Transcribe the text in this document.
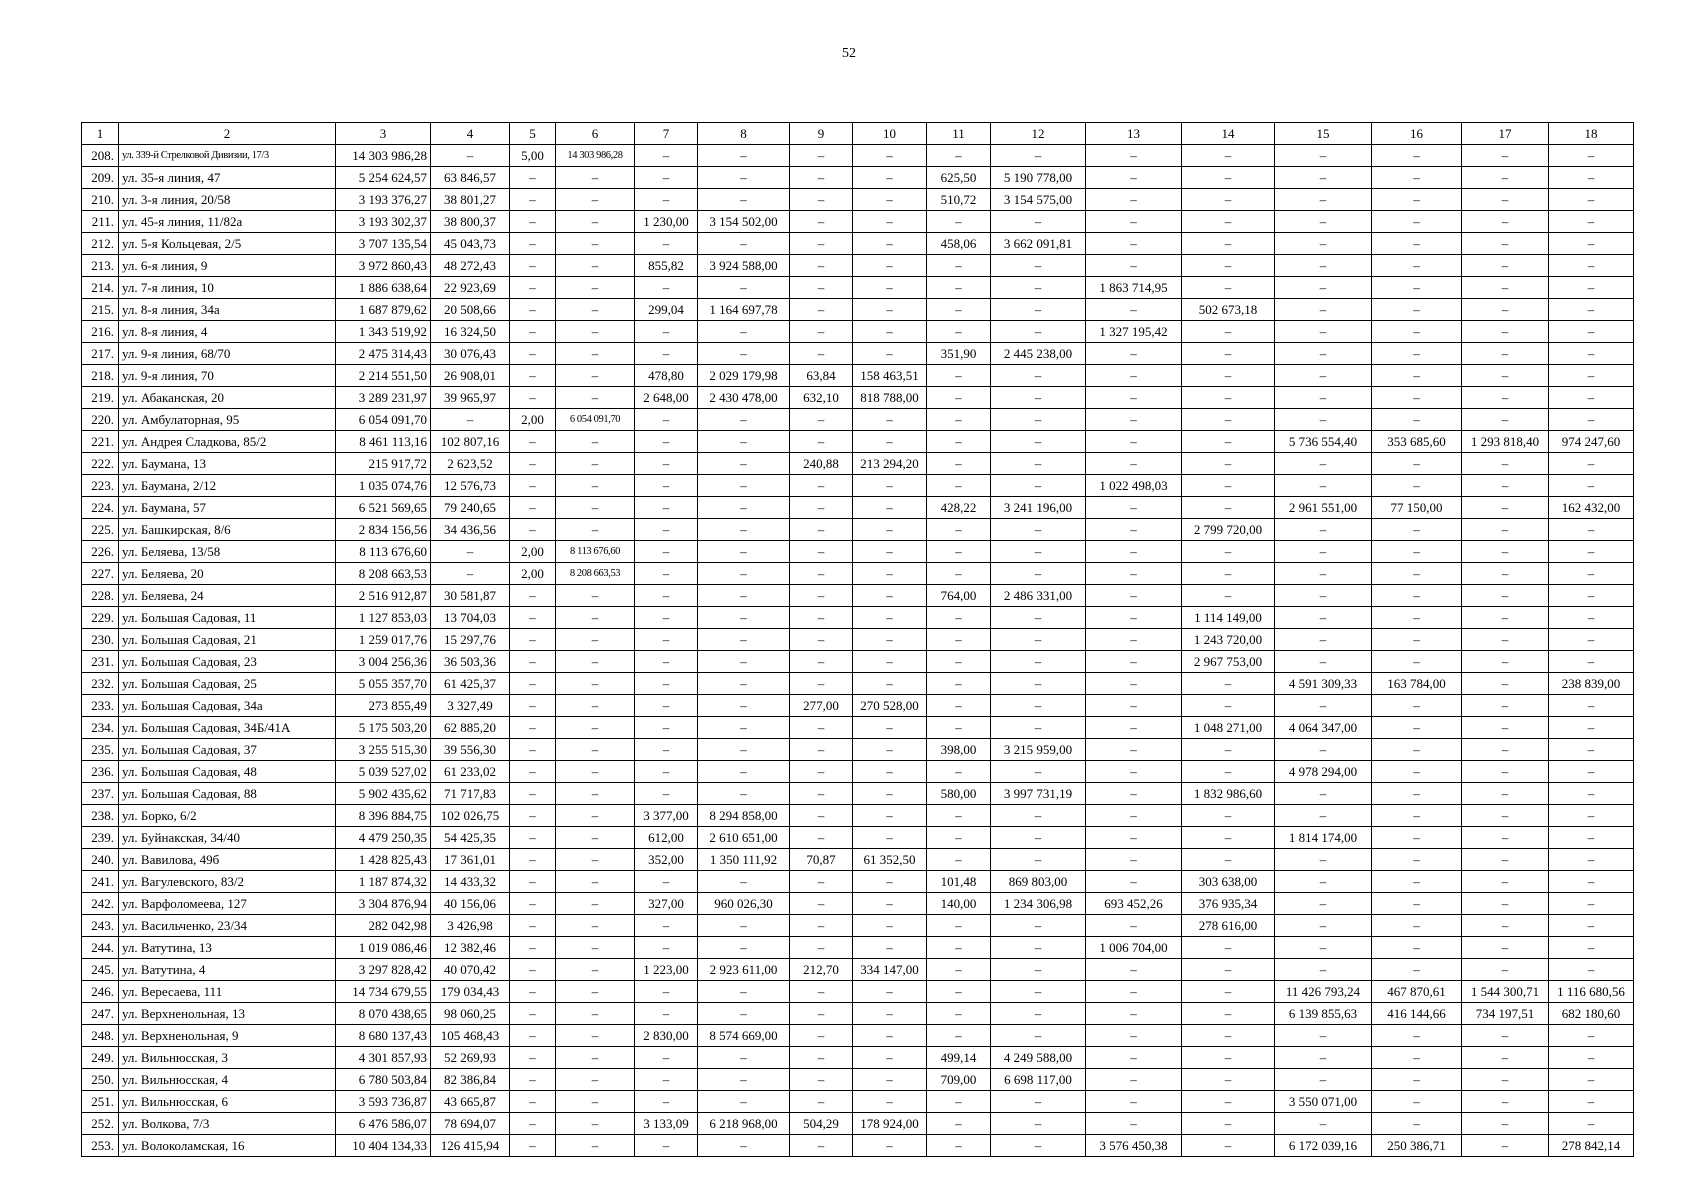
52
1	2	3	4	5	6	7	8	9	10	11	12	13	14	15	16	17	18
208.	ул. 339-й Стрелковой Дивизии, 17/3	14 303 986,28	–	5,00	14 303 986,28	–	–	–	–	–	–	–	–	–	–	–	–
209.	ул. 35-я линия, 47	5 254 624,57	63 846,57	–	–	–	–	–	–	625,50	5 190 778,00	–	–	–	–	–	–
210.	ул. 3-я линия, 20/58	3 193 376,27	38 801,27	–	–	–	–	–	–	510,72	3 154 575,00	–	–	–	–	–	–
211.	ул. 45-я линия, 11/82а	3 193 302,37	38 800,37	–	–	1 230,00	3 154 502,00	–	–	–	–	–	–	–	–	–	–
212.	ул. 5-я Кольцевая, 2/5	3 707 135,54	45 043,73	–	–	–	–	–	–	458,06	3 662 091,81	–	–	–	–	–	–
213.	ул. 6-я линия, 9	3 972 860,43	48 272,43	–	–	855,82	3 924 588,00	–	–	–	–	–	–	–	–	–	–
214.	ул. 7-я линия, 10	1 886 638,64	22 923,69	–	–	–	–	–	–	–	–	1 863 714,95	–	–	–	–	–
215.	ул. 8-я линия, 34а	1 687 879,62	20 508,66	–	–	299,04	1 164 697,78	–	–	–	–	–	502 673,18	–	–	–	–
216.	ул. 8-я линия, 4	1 343 519,92	16 324,50	–	–	–	–	–	–	–	–	1 327 195,42	–	–	–	–	–
217.	ул. 9-я линия, 68/70	2 475 314,43	30 076,43	–	–	–	–	–	–	351,90	2 445 238,00	–	–	–	–	–	–
218.	ул. 9-я линия, 70	2 214 551,50	26 908,01	–	–	478,80	2 029 179,98	63,84	158 463,51	–	–	–	–	–	–	–	–
219.	ул. Абаканская, 20	3 289 231,97	39 965,97	–	–	2 648,00	2 430 478,00	632,10	818 788,00	–	–	–	–	–	–	–	–
220.	ул. Амбулаторная, 95	6 054 091,70	–	2,00	6 054 091,70	–	–	–	–	–	–	–	–	–	–	–	–
221.	ул. Андрея Сладкова, 85/2	8 461 113,16	102 807,16	–	–	–	–	–	–	–	–	–	–	5 736 554,40	353 685,60	1 293 818,40	974 247,60
222.	ул. Баумана, 13	215 917,72	2 623,52	–	–	–	–	240,88	213 294,20	–	–	–	–	–	–	–	–
223.	ул. Баумана, 2/12	1 035 074,76	12 576,73	–	–	–	–	–	–	–	–	1 022 498,03	–	–	–	–	–
224.	ул. Баумана, 57	6 521 569,65	79 240,65	–	–	–	–	–	–	428,22	3 241 196,00	–	–	2 961 551,00	77 150,00	–	162 432,00
225.	ул. Башкирская, 8/6	2 834 156,56	34 436,56	–	–	–	–	–	–	–	–	–	2 799 720,00	–	–	–	–
226.	ул. Беляева, 13/58	8 113 676,60	–	2,00	8 113 676,60	–	–	–	–	–	–	–	–	–	–	–	–
227.	ул. Беляева, 20	8 208 663,53	–	2,00	8 208 663,53	–	–	–	–	–	–	–	–	–	–	–	–
228.	ул. Беляева, 24	2 516 912,87	30 581,87	–	–	–	–	–	–	764,00	2 486 331,00	–	–	–	–	–	–
229.	ул. Большая Садовая, 11	1 127 853,03	13 704,03	–	–	–	–	–	–	–	–	–	1 114 149,00	–	–	–	–
230.	ул. Большая Садовая, 21	1 259 017,76	15 297,76	–	–	–	–	–	–	–	–	–	1 243 720,00	–	–	–	–
231.	ул. Большая Садовая, 23	3 004 256,36	36 503,36	–	–	–	–	–	–	–	–	–	2 967 753,00	–	–	–	–
232.	ул. Большая Садовая, 25	5 055 357,70	61 425,37	–	–	–	–	–	–	–	–	–	–	4 591 309,33	163 784,00	–	238 839,00
233.	ул. Большая Садовая, 34а	273 855,49	3 327,49	–	–	–	–	277,00	270 528,00	–	–	–	–	–	–	–	–
234.	ул. Большая Садовая, 34Б/41А	5 175 503,20	62 885,20	–	–	–	–	–	–	–	–	–	1 048 271,00	4 064 347,00	–	–	–
235.	ул. Большая Садовая, 37	3 255 515,30	39 556,30	–	–	–	–	–	–	398,00	3 215 959,00	–	–	–	–	–	–
236.	ул. Большая Садовая, 48	5 039 527,02	61 233,02	–	–	–	–	–	–	–	–	–	–	4 978 294,00	–	–	–
237.	ул. Большая Садовая, 88	5 902 435,62	71 717,83	–	–	–	–	–	–	580,00	3 997 731,19	–	1 832 986,60	–	–	–	–
238.	ул. Борко, 6/2	8 396 884,75	102 026,75	–	–	3 377,00	8 294 858,00	–	–	–	–	–	–	–	–	–	–
239.	ул. Буйнакская, 34/40	4 479 250,35	54 425,35	–	–	612,00	2 610 651,00	–	–	–	–	–	–	1 814 174,00	–	–	–
240.	ул. Вавилова, 49б	1 428 825,43	17 361,01	–	–	352,00	1 350 111,92	70,87	61 352,50	–	–	–	–	–	–	–	–
241.	ул. Вагулевского, 83/2	1 187 874,32	14 433,32	–	–	–	–	–	–	101,48	869 803,00	–	303 638,00	–	–	–	–
242.	ул. Варфоломеева, 127	3 304 876,94	40 156,06	–	–	327,00	960 026,30	–	–	140,00	1 234 306,98	693 452,26	376 935,34	–	–	–	–
243.	ул. Васильченко, 23/34	282 042,98	3 426,98	–	–	–	–	–	–	–	–	–	278 616,00	–	–	–	–
244.	ул. Ватутина, 13	1 019 086,46	12 382,46	–	–	–	–	–	–	–	–	1 006 704,00	–	–	–	–	–
245.	ул. Ватутина, 4	3 297 828,42	40 070,42	–	–	1 223,00	2 923 611,00	212,70	334 147,00	–	–	–	–	–	–	–	–
246.	ул. Вересаева, 111	14 734 679,55	179 034,43	–	–	–	–	–	–	–	–	–	–	11 426 793,24	467 870,61	1 544 300,71	1 116 680,56
247.	ул. Верхненольная, 13	8 070 438,65	98 060,25	–	–	–	–	–	–	–	–	–	–	6 139 855,63	416 144,66	734 197,51	682 180,60
248.	ул. Верхненольная, 9	8 680 137,43	105 468,43	–	–	2 830,00	8 574 669,00	–	–	–	–	–	–	–	–	–	–
249.	ул. Вильнюсская, 3	4 301 857,93	52 269,93	–	–	–	–	–	–	499,14	4 249 588,00	–	–	–	–	–	–
250.	ул. Вильнюсская, 4	6 780 503,84	82 386,84	–	–	–	–	–	–	709,00	6 698 117,00	–	–	–	–	–	–
251.	ул. Вильнюсская, 6	3 593 736,87	43 665,87	–	–	–	–	–	–	–	–	–	–	3 550 071,00	–	–	–
252.	ул. Волкова, 7/3	6 476 586,07	78 694,07	–	–	3 133,09	6 218 968,00	504,29	178 924,00	–	–	–	–	–	–	–	–
253.	ул. Волоколамская, 16	10 404 134,33	126 415,94	–	–	–	–	–	–	–	–	3 576 450,38	–	6 172 039,16	250 386,71	–	278 842,14
